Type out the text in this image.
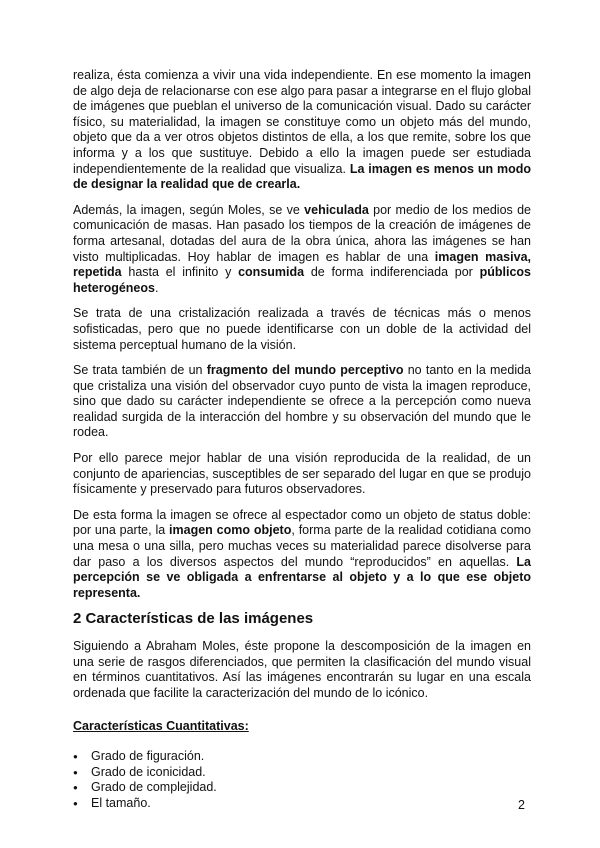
realiza, ésta comienza a vivir una vida independiente. En ese momento la imagen de algo deja de relacionarse con ese algo para pasar a integrarse en el flujo global de imágenes que pueblan el universo de la comunicación visual. Dado su carácter físico, su materialidad, la imagen se constituye como un objeto más del mundo, objeto que da a ver otros objetos distintos de ella, a los que remite, sobre los que informa y a los que sustituye. Debido a ello la imagen puede ser estudiada independientemente de la realidad que visualiza. La imagen es menos un modo de designar la realidad que de crearla.

Además, la imagen, según Moles, se ve vehiculada por medio de los medios de comunicación de masas. Han pasado los tiempos de la creación de imágenes de forma artesanal, dotadas del aura de la obra única, ahora las imágenes se han visto multiplicadas. Hoy hablar de imagen es hablar de una imagen masiva, repetida hasta el infinito y consumida de forma indiferenciada por públicos heterogéneos.

Se trata de una cristalización realizada a través de técnicas más o menos sofisticadas, pero que no puede identificarse con un doble de la actividad del sistema perceptual humano de la visión.

Se trata también de un fragmento del mundo perceptivo no tanto en la medida que cristaliza una visión del observador cuyo punto de vista la imagen reproduce, sino que dado su carácter independiente se ofrece a la percepción como nueva realidad surgida de la interacción del hombre y su observación del mundo que le rodea.

Por ello parece mejor hablar de una visión reproducida de la realidad, de un conjunto de apariencias, susceptibles de ser separado del lugar en que se produjo físicamente y preservado para futuros observadores.

De esta forma la imagen se ofrece al espectador como un objeto de status doble: por una parte, la imagen como objeto, forma parte de la realidad cotidiana como una mesa o una silla, pero muchas veces su materialidad parece disolverse para dar paso a los diversos aspectos del mundo “reproducidos” en aquellas. La percepción se ve obligada a enfrentarse al objeto y a lo que ese objeto representa.

2 Características de las imágenes

Siguiendo a Abraham Moles, éste propone la descomposición de la imagen en una serie de rasgos diferenciados, que permiten la clasificación del mundo visual en términos cuantitativos. Así las imágenes encontrarán su lugar en una escala ordenada que facilite la caracterización del mundo de lo icónico.

Características Cuantitativas:
● Grado de figuración.
● Grado de iconicidad.
● Grado de complejidad.
● El tamaño.	2
